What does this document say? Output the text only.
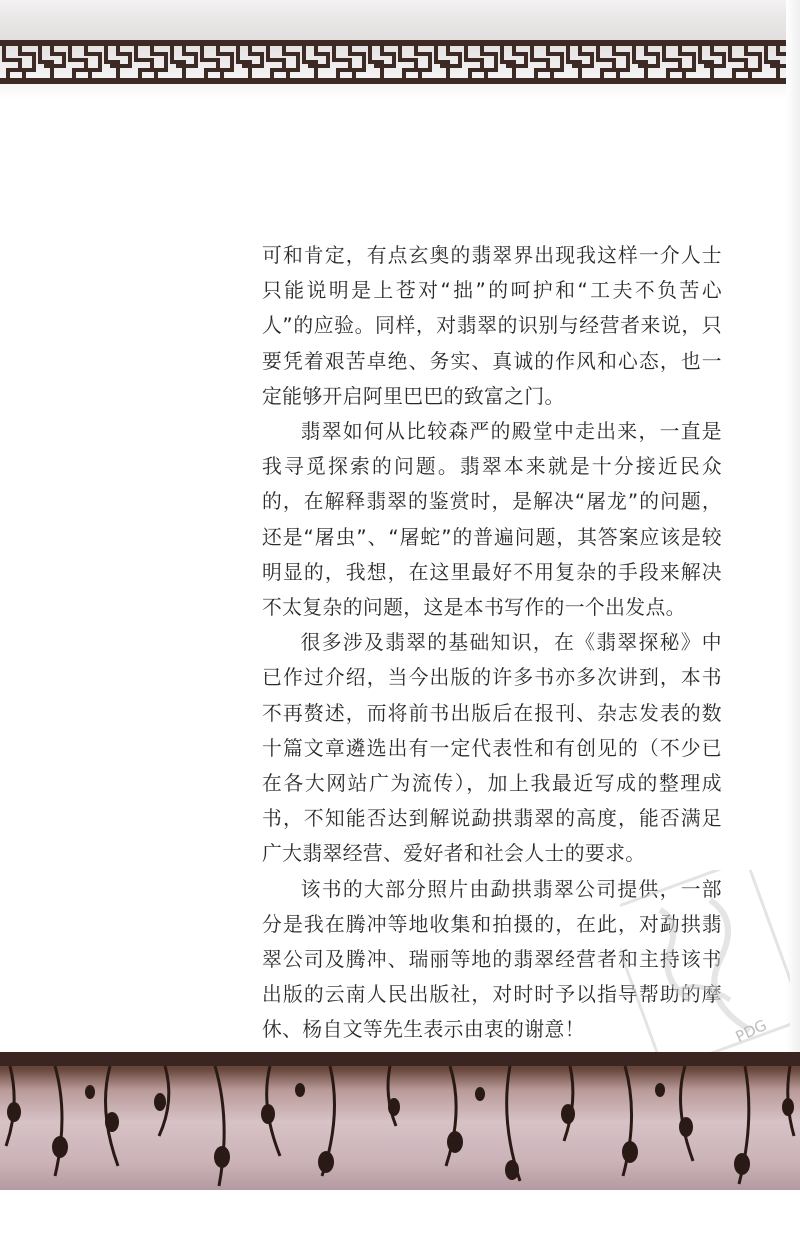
可和肯定，有点玄奥的翡翠界出现我这样一介人士只能说明是上苍对“拙”的呵护和“工夫不负苦心人”的应验。同样，对翡翠的识别与经营者来说，只要凭着艰苦卓绝、务实、真诚的作风和心态，也一定能够开启阿里巴巴的致富之门。

翡翠如何从比较森严的殿堂中走出来，一直是我寻觅探索的问题。翡翠本来就是十分接近民众的，在解释翡翠的鉴赏时，是解决“屠龙”的问题，还是“屠虫”、“屠蛇”的普遍问题，其答案应该是较明显的，我想，在这里最好不用复杂的手段来解决不太复杂的问题，这是本书写作的一个出发点。

很多涉及翡翠的基础知识，在《翡翠探秘》中已作过介绍，当今出版的许多书亦多次讲到，本书不再赘述，而将前书出版后在报刊、杂志发表的数十篇文章遴选出有一定代表性和有创见的（不少已在各大网站广为流传），加上我最近写成的整理成书，不知能否达到解说勐拱翡翠的高度，能否满足广大翡翠经营、爱好者和社会人士的要求。

该书的大部分照片由勐拱翡翠公司提供，一部分是我在腾冲等地收集和拍摄的，在此，对勐拱翡翠公司及腾冲、瑞丽等地的翡翠经营者和主持该书出版的云南人民出版社，对时时予以指导帮助的摩休、杨自文等先生表示由衷的谢意！	PDG
